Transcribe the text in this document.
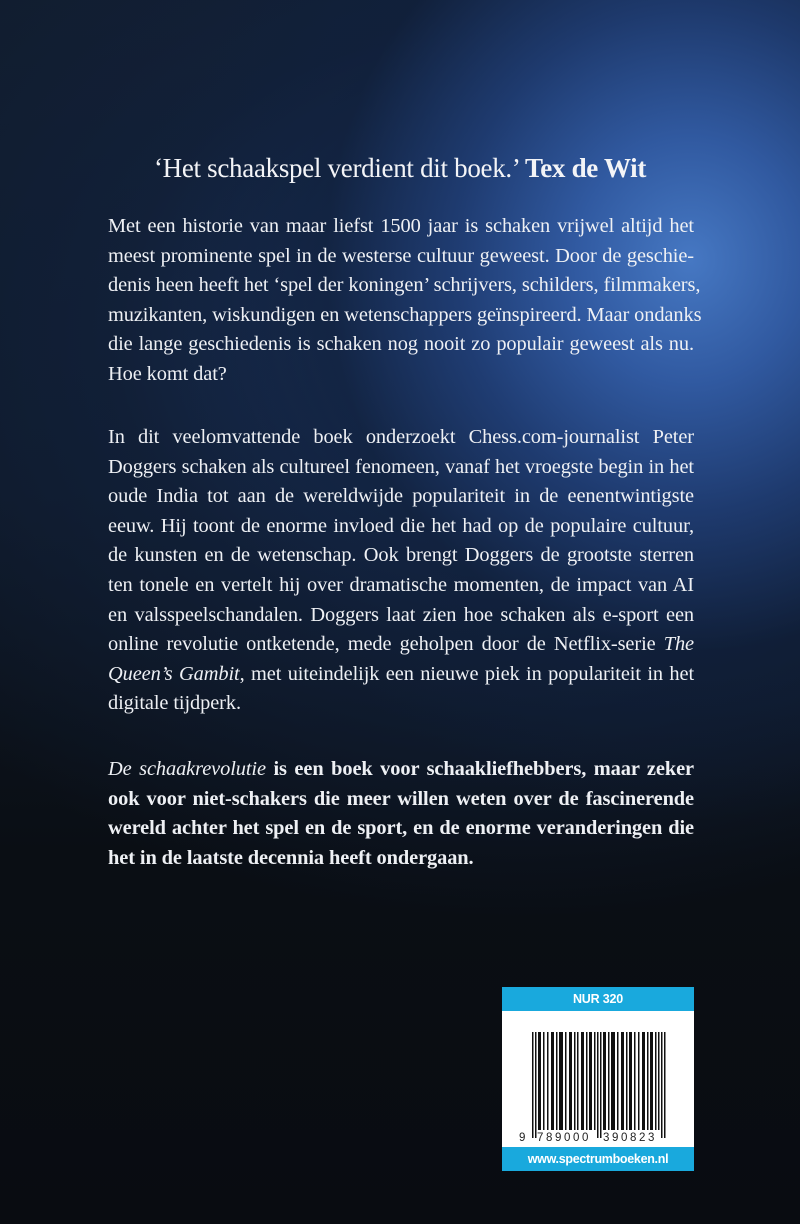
‘Het schaakspel verdient dit boek.’ Tex de Wit
Met een historie van maar liefst 1500 jaar is schaken vrijwel altijd het
meest prominente spel in de westerse cultuur geweest. Door de geschie-
denis heen heeft het ‘spel der koningen’ schrijvers, schilders, filmmakers,
muzikanten, wiskundigen en wetenschappers geïnspireerd. Maar ondanks
die lange geschiedenis is schaken nog nooit zo populair geweest als nu.
Hoe komt dat?
In dit veelomvattende boek onderzoekt Chess.com-journalist Peter
Doggers schaken als cultureel fenomeen, vanaf het vroegste begin in het
oude India tot aan de wereldwijde populariteit in de eenentwintigste
eeuw. Hij toont de enorme invloed die het had op de populaire cultuur,
de kunsten en de wetenschap. Ook brengt Doggers de grootste sterren
ten tonele en vertelt hij over dramatische momenten, de impact van AI
en valsspeelschandalen. Doggers laat zien hoe schaken als e-sport een
online revolutie ontketende, mede geholpen door de Netflix-serie The
Queen’s Gambit, met uiteindelijk een nieuwe piek in populariteit in het
digitale tijdperk.
De schaakrevolutie is een boek voor schaakliefhebbers, maar zeker
ook voor niet-schakers die meer willen weten over de fascinerende
wereld achter het spel en de sport, en de enorme veranderingen die
het in de laatste decennia heeft ondergaan.
NUR 320
9 7 8 9 0 0 0 3 9 0 8 2 3
www.spectrumboeken.nl
